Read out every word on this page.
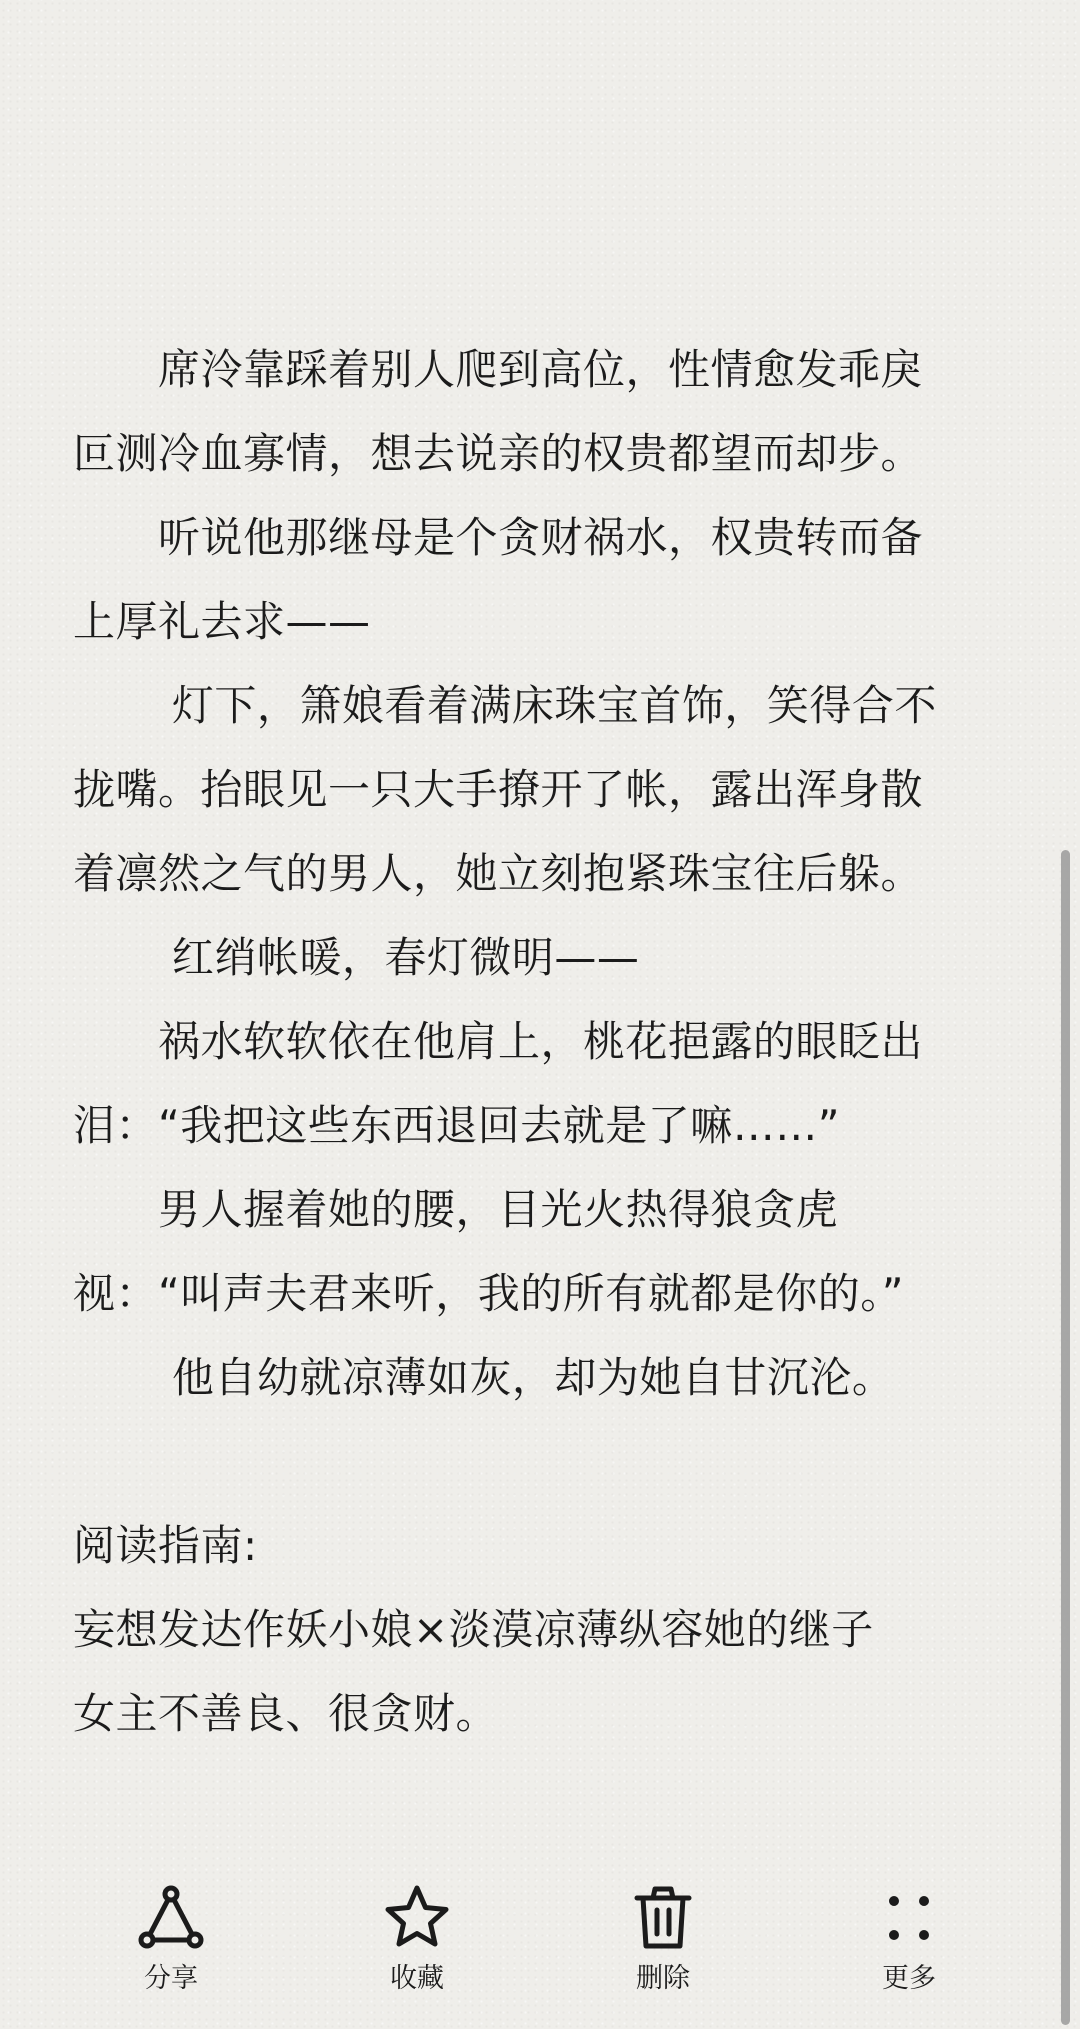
　　席泠靠踩着别人爬到高位，性情愈发乖戾
叵测冷血寡情，想去说亲的权贵都望而却步。
　　听说他那继母是个贪财祸水，权贵转而备
上厚礼去求——
　　 灯下，箫娘看着满床珠宝首饰，笑得合不
拢嘴。抬眼见一只大手撩开了帐，露出浑身散
着凛然之气的男人，她立刻抱紧珠宝往后躲。
　　 红绡帐暖，春灯微明——
　　祸水软软依在他肩上，桃花挹露的眼眨出
泪：“我把这些东西退回去就是了嘛……”
　　男人握着她的腰，目光火热得狼贪虎
视：“叫声夫君来听，我的所有就都是你的。”
　　 他自幼就凉薄如灰，却为她自甘沉沦。
阅读指南:
妄想发达作妖小娘×淡漠凉薄纵容她的继子
女主不善良、很贪财。
分享	收藏	删除	更多
